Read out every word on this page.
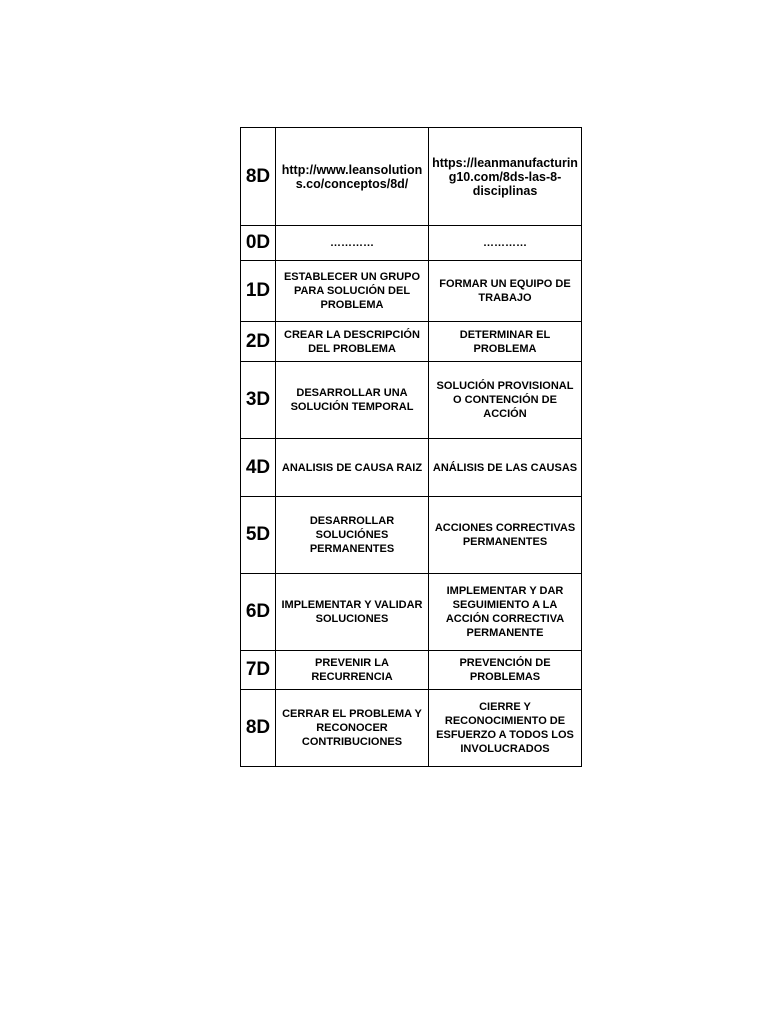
8D	http://www.leansolutions.co/conceptos/8d/	https://leanmanufacturing10.com/8ds-las-8-disciplinas
0D	…………	…………
1D	ESTABLECER UN GRUPO PARA SOLUCIÓN DEL PROBLEMA	FORMAR UN EQUIPO DE TRABAJO
2D	CREAR LA DESCRIPCIÓN DEL PROBLEMA	DETERMINAR EL PROBLEMA
3D	DESARROLLAR UNA SOLUCIÓN TEMPORAL	SOLUCIÓN PROVISIONAL O CONTENCIÓN DE ACCIÓN
4D	ANALISIS DE CAUSA RAIZ	ANÁLISIS DE LAS CAUSAS
5D	DESARROLLAR SOLUCIÓNES PERMANENTES	ACCIONES CORRECTIVAS PERMANENTES
6D	IMPLEMENTAR Y VALIDAR SOLUCIONES	IMPLEMENTAR Y DAR SEGUIMIENTO A LA ACCIÓN CORRECTIVA PERMANENTE
7D	PREVENIR LA RECURRENCIA	PREVENCIÓN DE PROBLEMAS
8D	CERRAR EL PROBLEMA Y RECONOCER CONTRIBUCIONES	CIERRE Y RECONOCIMIENTO DE ESFUERZO A TODOS LOS INVOLUCRADOS
